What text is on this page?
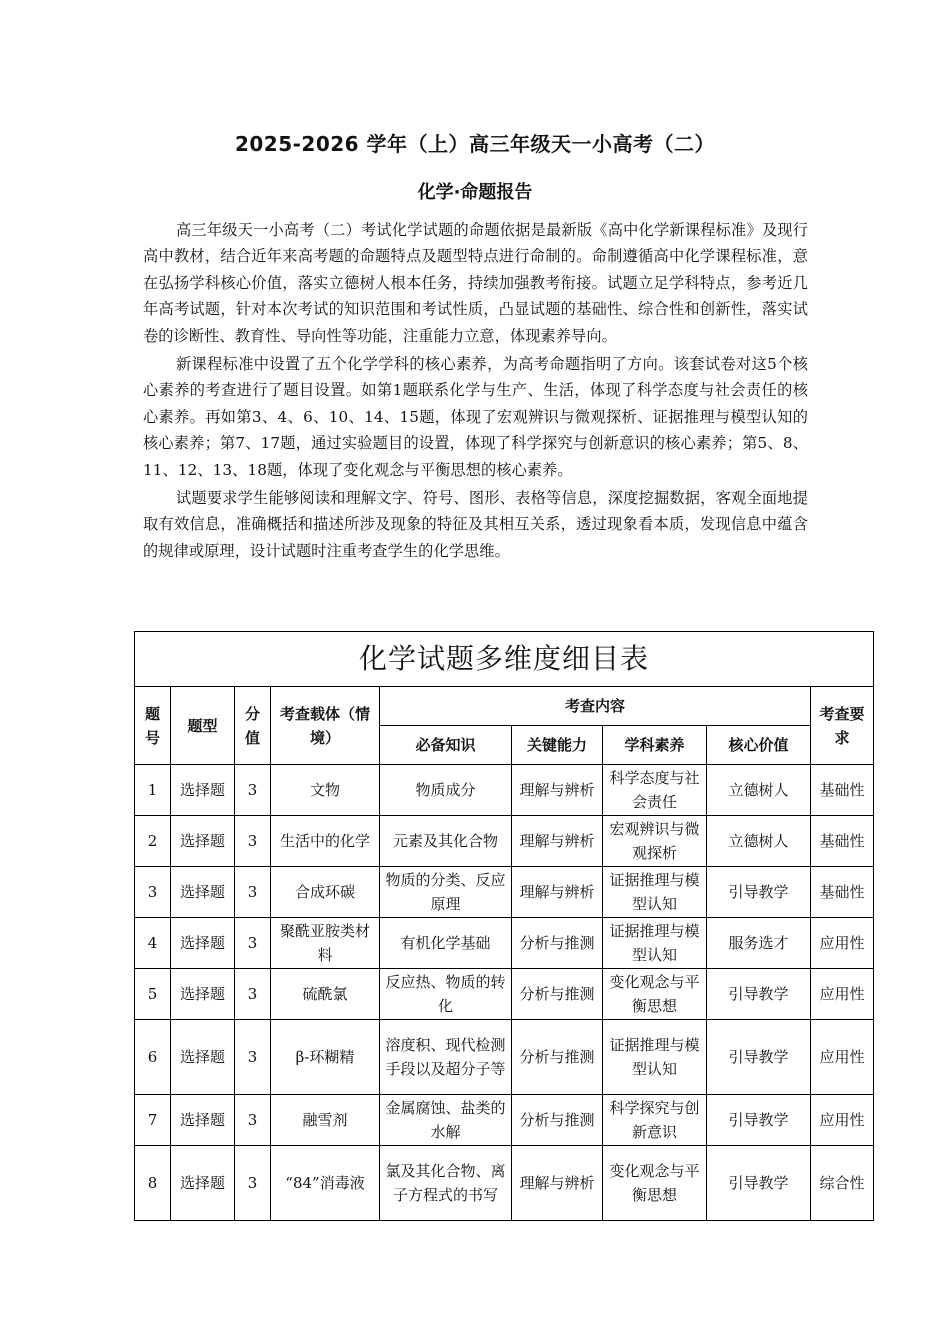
2025-2026 学年（上）高三年级天一小高考（二）
化学·命题报告

高三年级天一小高考（二）考试化学试题的命题依据是最新版《高中化学新课程标准》及现行高中教材，结合近年来高考题的命题特点及题型特点进行命制的。命制遵循高中化学课程标准，意在弘扬学科核心价值，落实立德树人根本任务，持续加强教考衔接。试题立足学科特点，参考近几年高考试题，针对本次考试的知识范围和考试性质，凸显试题的基础性、综合性和创新性，落实试卷的诊断性、教育性、导向性等功能，注重能力立意，体现素养导向。

新课程标准中设置了五个化学学科的核心素养，为高考命题指明了方向。该套试卷对这5个核心素养的考查进行了题目设置。如第1题联系化学与生产、生活，体现了科学态度与社会责任的核心素养。再如第3、4、6、10、14、15题，体现了宏观辨识与微观探析、证据推理与模型认知的核心素养；第7、17题，通过实验题目的设置，体现了科学探究与创新意识的核心素养；第5、8、11、12、13、18题，体现了变化观念与平衡思想的核心素养。

试题要求学生能够阅读和理解文字、符号、图形、表格等信息，深度挖掘数据，客观全面地提取有效信息，准确概括和描述所涉及现象的特征及其相互关系，透过现象看本质，发现信息中蕴含的规律或原理，设计试题时注重考查学生的化学思维。

化学试题多维度细目表								
题号	题型	分值	考查载体（情境）	考查内容				考查要求
				必备知识	关键能力	学科素养	核心价值	
1	选择题	3	文物	物质成分	理解与辨析	科学态度与社会责任	立德树人	基础性
2	选择题	3	生活中的化学	元素及其化合物	理解与辨析	宏观辨识与微观探析	立德树人	基础性
3	选择题	3	合成环碳	物质的分类、反应原理	理解与辨析	证据推理与模型认知	引导教学	基础性
4	选择题	3	聚酰亚胺类材料	有机化学基础	分析与推测	证据推理与模型认知	服务选才	应用性
5	选择题	3	硫酰氯	反应热、物质的转化	分析与推测	变化观念与平衡思想	引导教学	应用性
6	选择题	3	β-环糊精	溶度积、现代检测手段以及超分子等	分析与推测	证据推理与模型认知	引导教学	应用性
7	选择题	3	融雪剂	金属腐蚀、盐类的水解	分析与推测	科学探究与创新意识	引导教学	应用性
8	选择题	3	“84”消毒液	氯及其化合物、离子方程式的书写	理解与辨析	变化观念与平衡思想	引导教学	综合性
